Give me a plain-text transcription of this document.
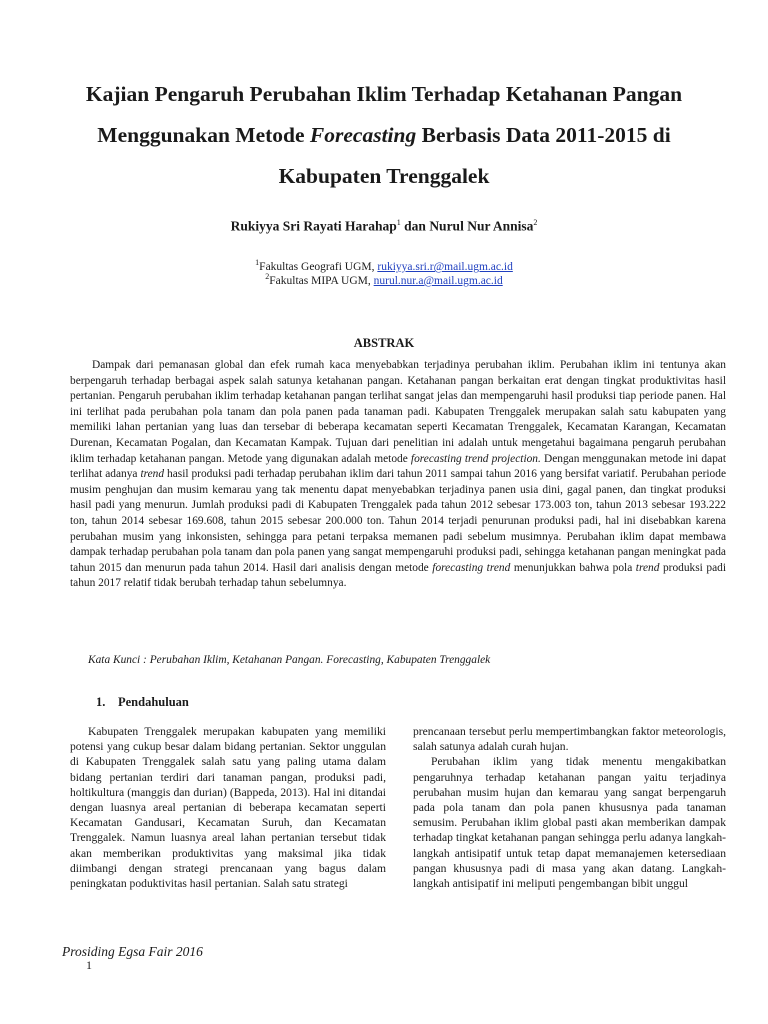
Kajian Pengaruh Perubahan Iklim Terhadap Ketahanan Pangan
Menggunakan Metode Forecasting Berbasis Data 2011-2015 di
Kabupaten Trenggalek
Rukiyya Sri Rayati Harahap$^1$ dan Nurul Nur Annisa$^2$
$^1$Fakultas Geografi UGM, rukiyya.sri.r@mail.ugm.ac.id
$^2$Fakultas MIPA UGM, nurul.nur.a@mail.ugm.ac.id
ABSTRAK

Dampak dari pemanasan global dan efek rumah kaca menyebabkan terjadinya perubahan iklim. Perubahan iklim ini tentunya akan berpengaruh terhadap berbagai aspek salah satunya ketahanan pangan. Ketahanan pangan berkaitan erat dengan tingkat produktivitas hasil pertanian. Pengaruh perubahan iklim terhadap ketahanan pangan terlihat sangat jelas dan mempengaruhi hasil produksi tiap periode panen. Hal ini terlihat pada perubahan pola tanam dan pola panen pada tanaman padi. Kabupaten Trenggalek merupakan salah satu kabupaten yang memiliki lahan pertanian yang luas dan tersebar di beberapa kecamatan seperti Kecamatan Trenggalek, Kecamatan Karangan, Kecamatan Durenan, Kecamatan Pogalan, dan Kecamatan Kampak. Tujuan dari penelitian ini adalah untuk mengetahui bagaimana pengaruh perubahan iklim terhadap ketahanan pangan. Metode yang digunakan adalah metode forecasting trend projection. Dengan menggunakan metode ini dapat terlihat adanya trend hasil produksi padi terhadap perubahan iklim dari tahun 2011 sampai tahun 2016 yang bersifat variatif. Perubahan periode musim penghujan dan musim kemarau yang tak menentu dapat menyebabkan terjadinya panen usia dini, gagal panen, dan tingkat produksi hasil padi yang menurun. Jumlah produksi padi di Kabupaten Trenggalek pada tahun 2012 sebesar 173.003 ton, tahun 2013 sebesar 193.222 ton, tahun 2014 sebesar 169.608, tahun 2015 sebesar 200.000 ton. Tahun 2014 terjadi penurunan produksi padi, hal ini disebabkan karena perubahan musim yang inkonsisten, sehingga para petani terpaksa memanen padi sebelum musimnya. Perubahan iklim dapat membawa dampak terhadap perubahan pola tanam dan pola panen yang sangat mempengaruhi produksi padi, sehingga ketahanan pangan meningkat pada tahun 2015 dan menurun pada tahun 2014. Hasil dari analisis dengan metode forecasting trend menunjukkan bahwa pola trend produksi padi tahun 2017 relatif tidak berubah terhadap tahun sebelumnya.

Kata Kunci : Perubahan Iklim, Ketahanan Pangan. Forecasting, Kabupaten Trenggalek
1. Pendahuluan

Kabupaten Trenggalek merupakan kabupaten yang memiliki potensi yang cukup besar dalam bidang pertanian. Sektor unggulan di Kabupaten Trenggalek salah satu yang paling utama dalam bidang pertanian terdiri dari tanaman pangan, produksi padi, holtikultura (manggis dan durian) (Bappeda, 2013). Hal ini ditandai dengan luasnya areal pertanian di beberapa kecamatan seperti Kecamatan Gandusari, Kecamatan Suruh, dan Kecamatan Trenggalek. Namun luasnya areal lahan pertanian tersebut tidak akan memberikan produktivitas yang maksimal jika tidak diimbangi dengan strategi prencanaan yang bagus dalam peningkatan poduktivitas hasil pertanian. Salah satu strategi

prencanaan tersebut perlu mempertimbangkan faktor meteorologis, salah satunya adalah curah hujan.

Perubahan iklim yang tidak menentu mengakibatkan pengaruhnya terhadap ketahanan pangan yaitu terjadinya perubahan musim hujan dan kemarau yang sangat berpengaruh pada pola tanam dan pola panen khususnya pada tanaman semusim. Perubahan iklim global pasti akan memberikan dampak terhadap tingkat ketahanan pangan sehingga perlu adanya langkah-langkah antisipatif untuk tetap dapat memanajemen ketersediaan pangan khususnya padi di masa yang akan datang. Langkah- langkah antisipatif ini meliputi pengembangan bibit unggul

Prosiding Egsa Fair 2016
1
